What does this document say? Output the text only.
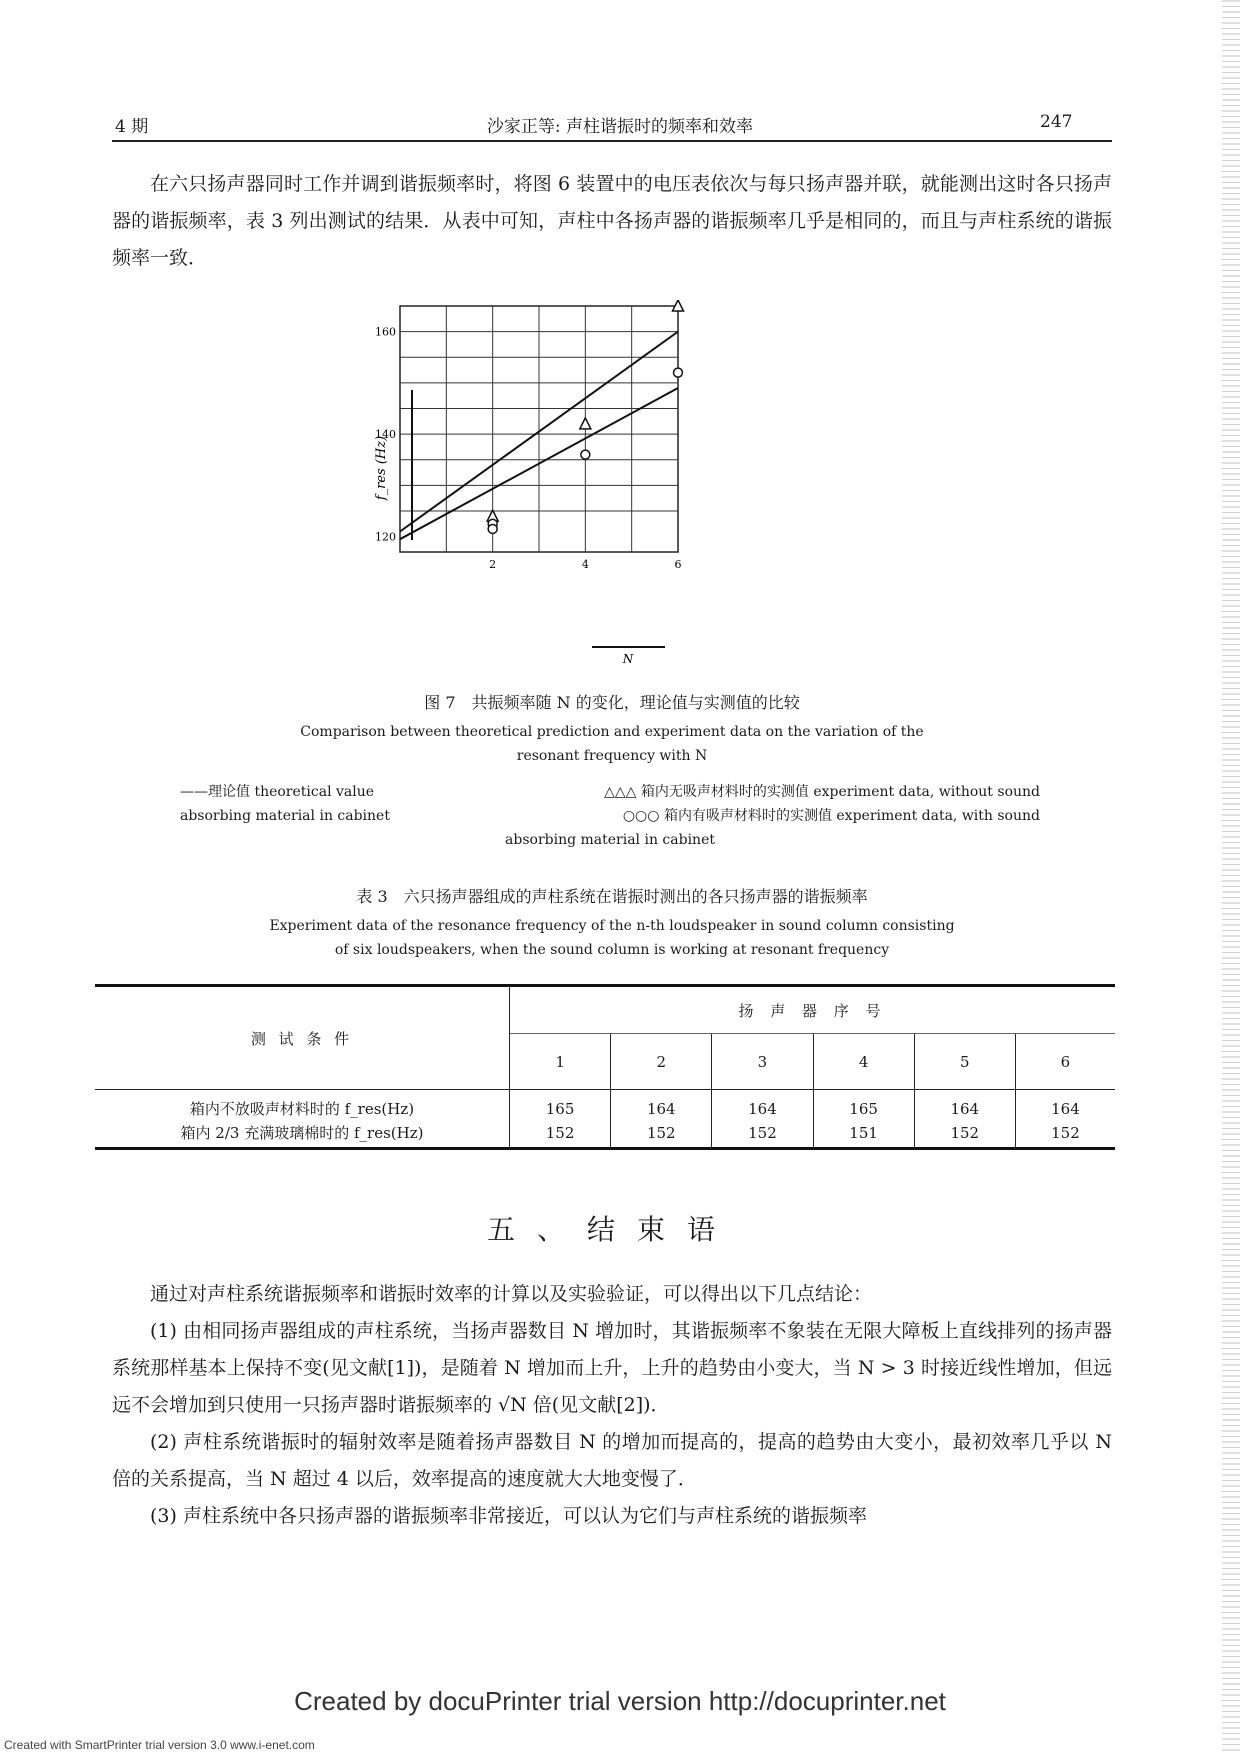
4 期	沙家正等: 声柱谐振时的频率和效率	247

在六只扬声器同时工作并调到谐振频率时，将图 6 装置中的电压表依次与每只扬声器并联，就能测出这时各只扬声器的谐振频率，表 3 列出测试的结果．从表中可知，声柱中各扬声器的谐振频率几乎是相同的，而且与声柱系统的谐振频率一致．

120
140
160
2	4	6
f_res (Hz)
N
图 7　共振频率随 N 的变化，理论值与实测值的比较
Comparison between theoretical prediction and experiment data on the variation of the
resonant frequency with N
——理论值 theoretical value	△△△ 箱内无吸声材料时的实测值 experiment data, without sound
absorbing material in cabinet	○○○ 箱内有吸声材料时的实测值 experiment data, with sound
absorbing material in cabinet
表 3　六只扬声器组成的声柱系统在谐振时测出的各只扬声器的谐振频率
Experiment data of the resonance frequency of the n-th loudspeaker in sound column consisting
of six loudspeakers, when the sound column is working at resonant frequency
测 试 条 件	扬 声 器 序 号					
	1	2	3	4	5	6
箱内不放吸声材料时的 f_res(Hz)	165	164	164	165	164	164
箱内 2/3 充满玻璃棉时的 f_res(Hz)	152	152	152	151	152	152
五、结束语

通过对声柱系统谐振频率和谐振时效率的计算以及实验验证，可以得出以下几点结论：

(1) 由相同扬声器组成的声柱系统，当扬声器数目 N 增加时，其谐振频率不象装在无限大障板上直线排列的扬声器系统那样基本上保持不变(见文献[1])，是随着 N 增加而上升，上升的趋势由小变大，当 N > 3 时接近线性增加，但远远不会增加到只使用一只扬声器时谐振频率的 √N 倍(见文献[2])．

(2) 声柱系统谐振时的辐射效率是随着扬声器数目 N 的增加而提高的，提高的趋势由大变小，最初效率几乎以 N 倍的关系提高，当 N 超过 4 以后，效率提高的速度就大大地变慢了．

(3) 声柱系统中各只扬声器的谐振频率非常接近，可以认为它们与声柱系统的谐振频率

Created by docuPrinter trial version http://docuprinter.net
Created with SmartPrinter trial version 3.0 www.i-enet.com
